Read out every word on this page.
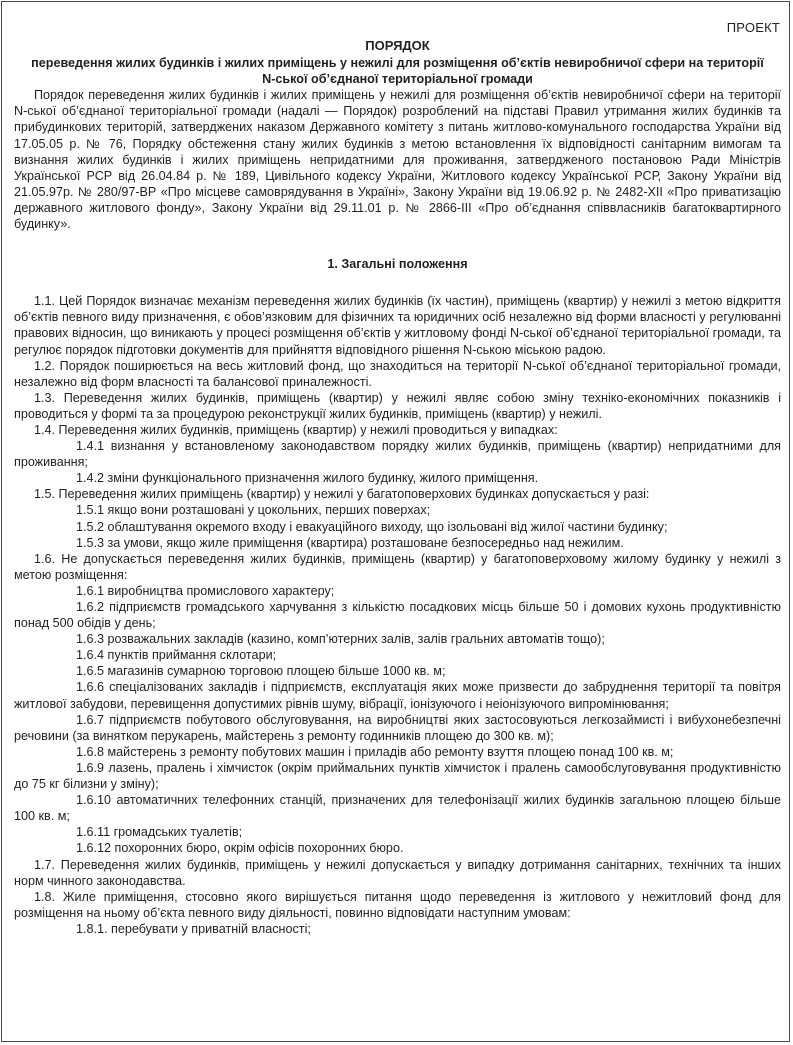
ПРОЕКТ
ПОРЯДОК
переведення жилих будинків і жилих приміщень у нежилі для розміщення об’єктів невиробничої сфери на території N-ської об’єднаної територіальної громади

Порядок переведення жилих будинків і жилих приміщень у нежилі для розміщення об’єктів невиробничої сфери на території N-ської об’єднаної територіальної громади (надалі — Порядок) розроблений на підставі Правил утримання жилих будинків та прибудинкових територій, затверджених наказом Державного комітету з питань житлово-комунального господарства України від 17.05.05 р. № 76, Порядку обстеження стану жилих будинків з метою встановлення їх відповідності санітарним вимогам та визнання жилих будинків і жилих приміщень непридатними для проживання, затвердженого постановою Ради Міністрів Української РСР від 26.04.84 р. № 189, Цивільного кодексу України, Житлового кодексу Української РСР, Закону України від 21.05.97р. № 280/97-ВР «Про місцеве самоврядування в Україні», Закону України від 19.06.92 р. № 2482-XII «Про приватизацію державного житлового фонду», Закону України від 29.11.01 р. № 2866-III «Про об’єднання співвласників багатоквартирного будинку».

1. Загальні положення

1.1. Цей Порядок визначає механізм переведення жилих будинків (їх частин), приміщень (квартир) у нежилі з метою відкриття об’єктів певного виду призначення, є обов’язковим для фізичних та юридичних осіб незалежно від форми власності у регулюванні правових відносин, що виникають у процесі розміщення об’єктів у житловому фонді N-ської об’єднаної територіальної громади, та регулює порядок підготовки документів для прийняття відповідного рішення N-ською міською радою.

1.2. Порядок поширюється на весь житловий фонд, що знаходиться на території N-ської об’єднаної територіальної громади, незалежно від форм власності та балансової приналежності.

1.3. Переведення жилих будинків, приміщень (квартир) у нежилі являє собою зміну техніко-економічних показників і проводиться у формі та за процедурою реконструкції жилих будинків, приміщень (квартир) у нежилі.

1.4. Переведення жилих будинків, приміщень (квартир) у нежилі проводиться у випадках:

1.4.1 визнання у встановленому законодавством порядку жилих будинків, приміщень (квартир) непридатними для проживання;

1.4.2 зміни функціонального призначення жилого будинку, жилого приміщення.

1.5. Переведення жилих приміщень (квартир) у нежилі у багатоповерхових будинках допускається у разі:

1.5.1 якщо вони розташовані у цокольних, перших поверхах;

1.5.2 облаштування окремого входу і евакуаційного виходу, що ізольовані від жилої частини будинку;

1.5.3 за умови, якщо жиле приміщення (квартира) розташоване безпосередньо над нежилим.

1.6. Не допускається переведення жилих будинків, приміщень (квартир) у багатоповерховому жилому будинку у нежилі з метою розміщення:

1.6.1 виробництва промислового характеру;

1.6.2 підприємств громадського харчування з кількістю посадкових місць більше 50 і домових кухонь продуктивністю понад 500 обідів у день;

1.6.3 розважальних закладів (казино, комп’ютерних залів, залів гральних автоматів тощо);

1.6.4 пунктів приймання склотари;

1.6.5 магазинів сумарною торговою площею більше 1000 кв. м;

1.6.6 спеціалізованих закладів і підприємств, експлуатація яких може призвести до забруднення території та повітря житлової забудови, перевищення допустимих рівнів шуму, вібрації, іонізуючого і неіонізуючого випромінювання;

1.6.7 підприємств побутового обслуговування, на виробництві яких застосовуються легкозаймисті і вибухонебезпечні речовини (за винятком перукарень, майстерень з ремонту годинників площею до 300 кв. м);

1.6.8 майстерень з ремонту побутових машин і приладів або ремонту взуття площею понад 100 кв. м;

1.6.9 лазень, пралень і хімчисток (окрім приймальних пунктів хімчисток і пралень самообслуговування продуктивністю до 75 кг білизни у зміну);

1.6.10 автоматичних телефонних станцій, призначених для телефонізації жилих будинків загальною площею більше 100 кв. м;

1.6.11 громадських туалетів;

1.6.12 похоронних бюро, окрім офісів похоронних бюро.

1.7. Переведення жилих будинків, приміщень у нежилі допускається у випадку дотримання санітарних, технічних та інших норм чинного законодавства.

1.8. Жиле приміщення, стосовно якого вирішується питання щодо переведення із житлового у нежитловий фонд для розміщення на ньому об’єкта певного виду діяльності, повинно відповідати наступним умовам:

1.8.1. перебувати у приватній власності;
